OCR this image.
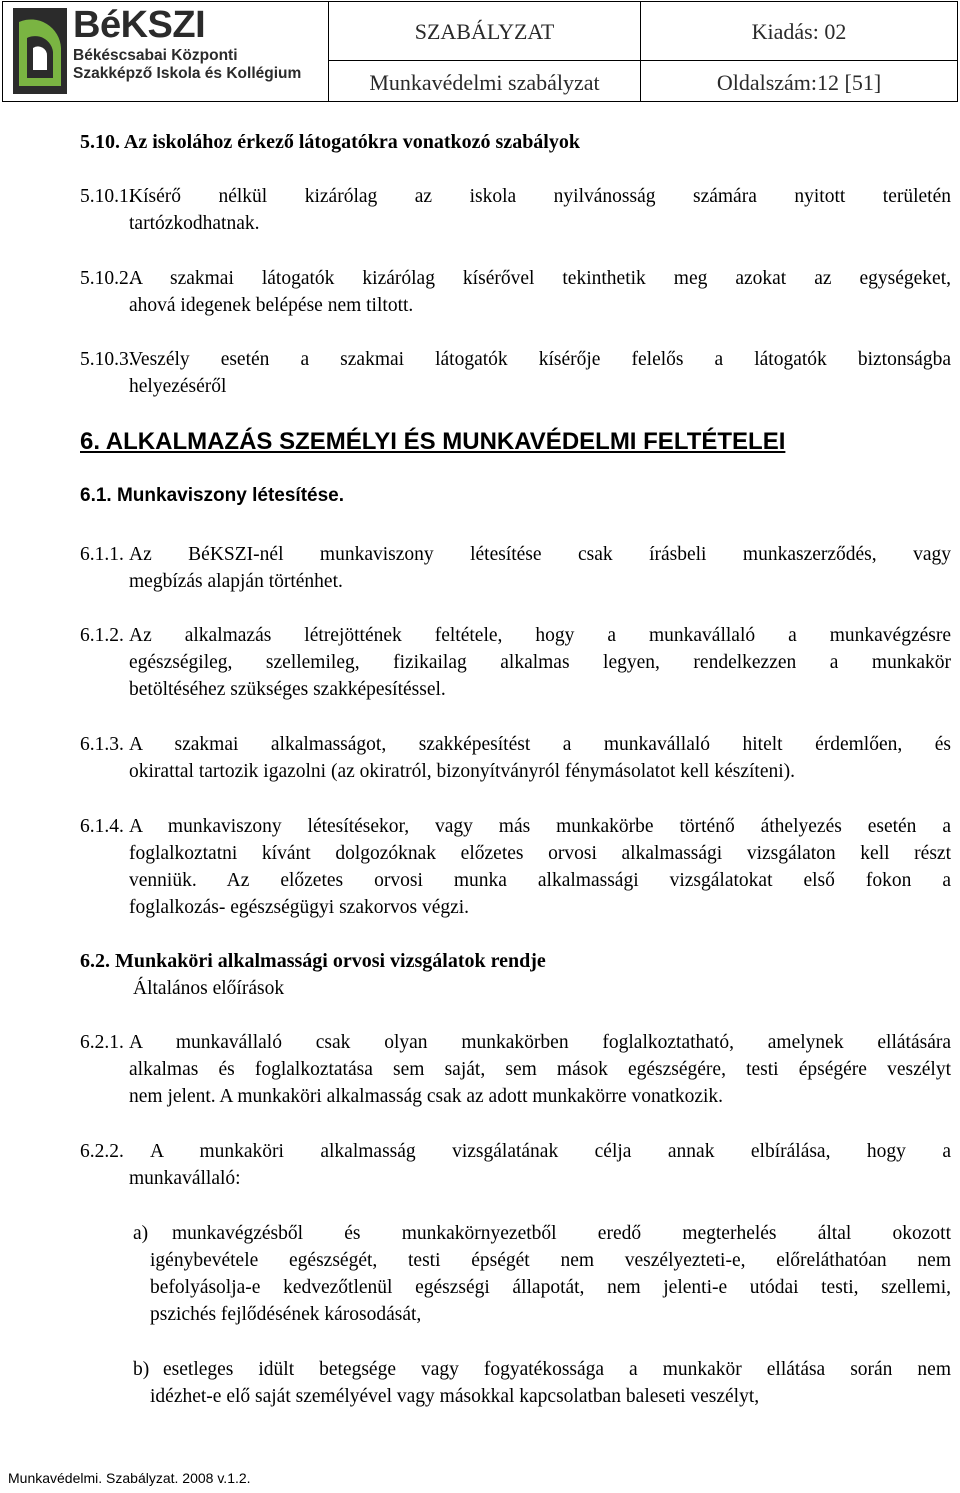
BéKSZI
Békéscsabai Központi
Szakképző Iskola és Kollégium
SZABÁLYZAT
Munkavédelmi szabályzat
Kiadás: 02
Oldalszám:12 [51]
5.10. Az iskolához érkező látogatókra vonatkozó szabályok
5.10.1.
Kísérő nélkül kizárólag az iskola nyilvánosság számára nyitott területén
tartózkodhatnak.
5.10.2.
A szakmai látogatók kizárólag kísérővel tekinthetik meg azokat az egységeket,
ahová idegenek belépése nem tiltott.
5.10.3.
Veszély esetén a szakmai látogatók kísérője felelős a látogatók biztonságba
helyezéséről
6. ALKALMAZÁS SZEMÉLYI ÉS MUNKAVÉDELMI FELTÉTELEI
6.1. Munkaviszony létesítése.
6.1.1. Az BéKSZI-nél munkaviszony létesítése csak írásbeli munkaszerződés, vagy
megbízás alapján történhet.
6.1.2. Az alkalmazás létrejöttének feltétele, hogy a munkavállaló a munkavégzésre
egészségileg, szellemileg, fizikailag alkalmas legyen, rendelkezzen a munkakör
betöltéséhez szükséges szakképesítéssel.
6.1.3. A szakmai alkalmasságot, szakképesítést a munkavállaló hitelt érdemlően, és
okirattal tartozik igazolni (az okiratról, bizonyítványról fénymásolatot kell készíteni).
6.1.4. A munkaviszony létesítésekor, vagy más munkakörbe történő áthelyezés esetén a
foglalkoztatni kívánt dolgozóknak előzetes orvosi alkalmassági vizsgálaton kell részt
venniük. Az előzetes orvosi munka alkalmassági vizsgálatokat első fokon a
foglalkozás- egészségügyi szakorvos végzi.
6.2. Munkaköri alkalmassági orvosi vizsgálatok rendje
Általános előírások
6.2.1. A munkavállaló csak olyan munkakörben foglalkoztatható, amelynek ellátására
alkalmas és foglalkoztatása sem saját, sem mások egészségére, testi épségére veszélyt
nem jelent. A munkaköri alkalmasság csak az adott munkakörre vonatkozik.
6.2.2. A munkaköri alkalmasság vizsgálatának célja annak elbírálása, hogy a
munkavállaló:
a) munkavégzésből és munkakörnyezetből eredő megterhelés által okozott
igénybevétele egészségét, testi épségét nem veszélyezteti-e, előreláthatóan nem
befolyásolja-e kedvezőtlenül egészségi állapotát, nem jelenti-e utódai testi, szellemi,
pszichés fejlődésének károsodását,
b) esetleges idült betegsége vagy fogyatékossága a munkakör ellátása során nem
idézhet-e elő saját személyével vagy másokkal kapcsolatban baleseti veszélyt,
Munkavédelmi. Szabályzat. 2008 v.1.2.
